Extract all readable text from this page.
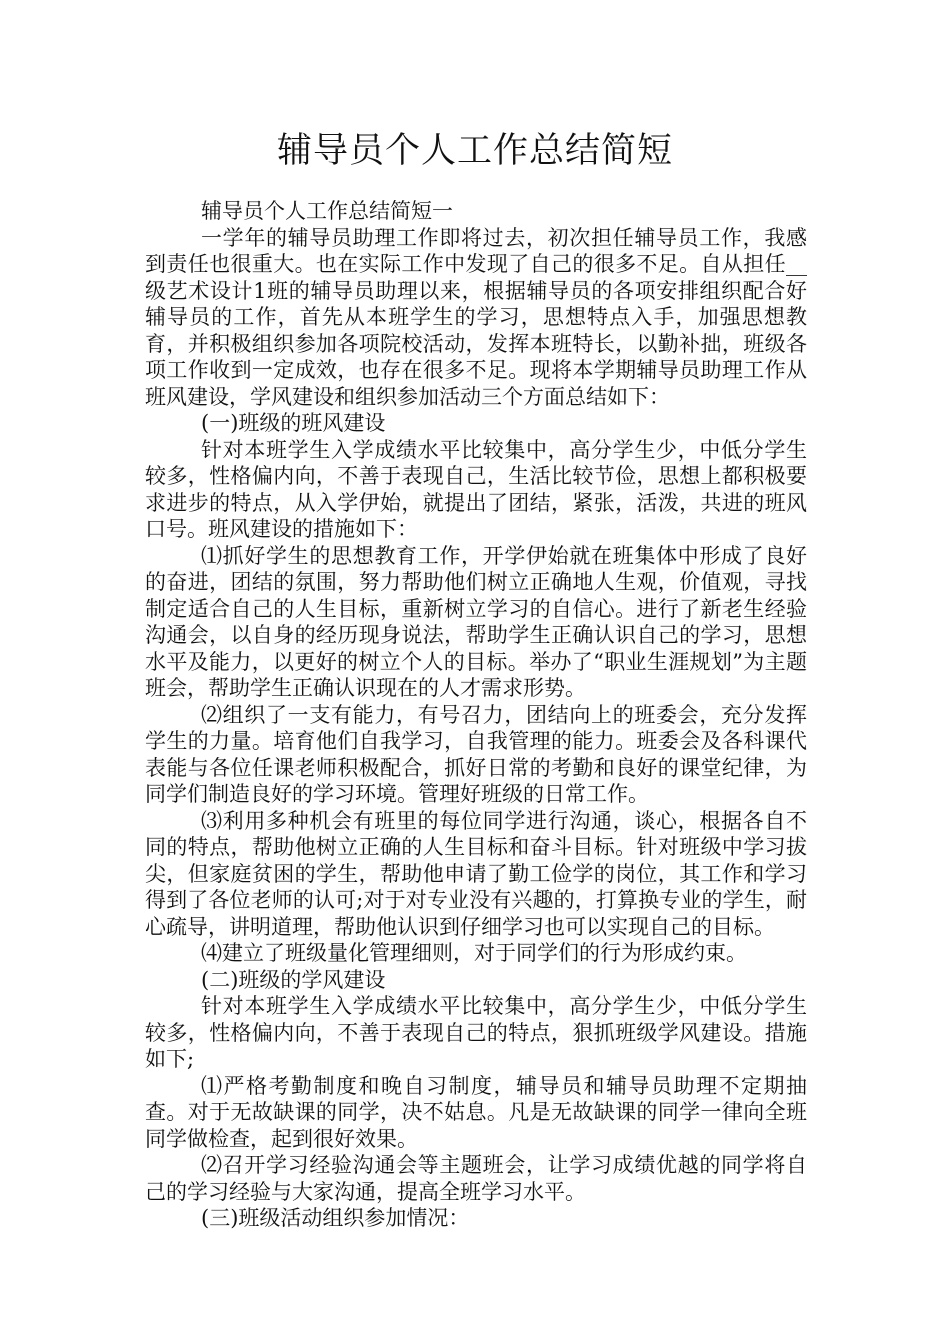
辅导员个人工作总结简短

辅导员个人工作总结简短一

一学年的辅导员助理工作即将过去，初次担任辅导员工作，我感到责任也很重大。也在实际工作中发现了自己的很多不足。自从担任__级艺术设计1班的辅导员助理以来，根据辅导员的各项安排组织配合好辅导员的工作，首先从本班学生的学习，思想特点入手，加强思想教育，并积极组织参加各项院校活动，发挥本班特长，以勤补拙，班级各项工作收到一定成效，也存在很多不足。现将本学期辅导员助理工作从班风建设，学风建设和组织参加活动三个方面总结如下：

(一)班级的班风建设

针对本班学生入学成绩水平比较集中，高分学生少，中低分学生较多，性格偏内向，不善于表现自己，生活比较节俭，思想上都积极要求进步的特点，从入学伊始，就提出了团结，紧张，活泼，共进的班风口号。班风建设的措施如下：

⑴抓好学生的思想教育工作，开学伊始就在班集体中形成了良好的奋进，团结的氛围，努力帮助他们树立正确地人生观，价值观，寻找制定适合自己的人生目标，重新树立学习的自信心。进行了新老生经验沟通会，以自身的经历现身说法，帮助学生正确认识自己的学习，思想水平及能力，以更好的树立个人的目标。举办了“职业生涯规划”为主题班会，帮助学生正确认识现在的人才需求形势。

⑵组织了一支有能力，有号召力，团结向上的班委会，充分发挥学生的力量。培育他们自我学习，自我管理的能力。班委会及各科课代表能与各位任课老师积极配合，抓好日常的考勤和良好的课堂纪律，为同学们制造良好的学习环境。管理好班级的日常工作。

⑶利用多种机会有班里的每位同学进行沟通，谈心，根据各自不同的特点，帮助他树立正确的人生目标和奋斗目标。针对班级中学习拔尖，但家庭贫困的学生，帮助他申请了勤工俭学的岗位，其工作和学习得到了各位老师的认可;对于对专业没有兴趣的，打算换专业的学生，耐心疏导，讲明道理，帮助他认识到仔细学习也可以实现自己的目标。

⑷建立了班级量化管理细则，对于同学们的行为形成约束。

(二)班级的学风建设

针对本班学生入学成绩水平比较集中，高分学生少，中低分学生较多，性格偏内向，不善于表现自己的特点，狠抓班级学风建设。措施如下;

⑴严格考勤制度和晚自习制度，辅导员和辅导员助理不定期抽查。对于无故缺课的同学，决不姑息。凡是无故缺课的同学一律向全班同学做检查，起到很好效果。

⑵召开学习经验沟通会等主题班会，让学习成绩优越的同学将自己的学习经验与大家沟通，提高全班学习水平。

(三)班级活动组织参加情况：
